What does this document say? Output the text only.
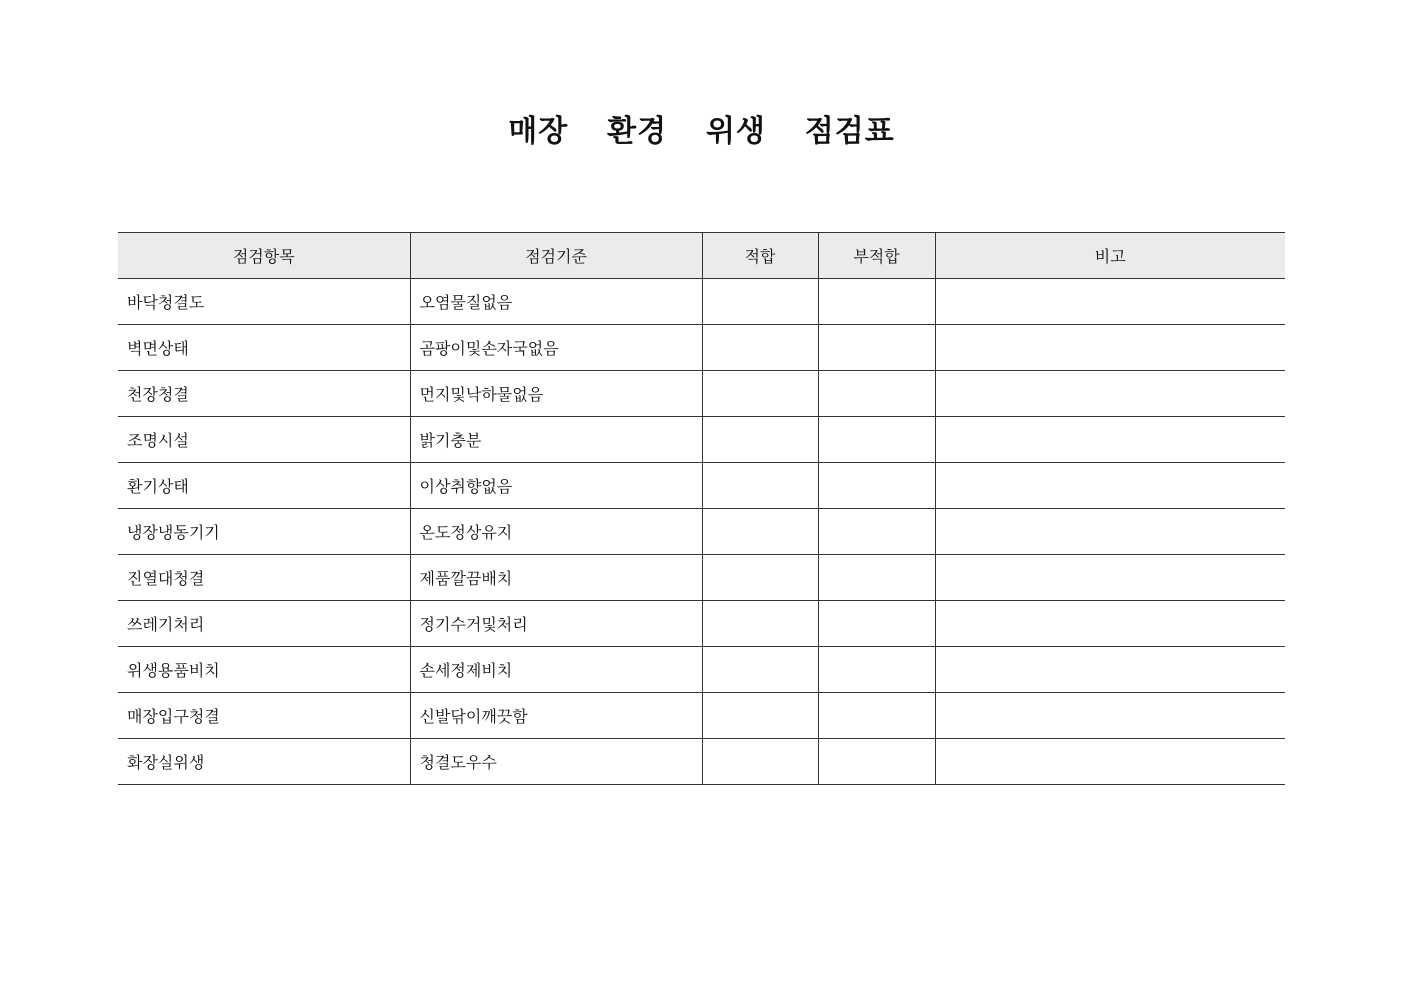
매장  환경  위생  점검표
점검항목	점검기준	적합	부적합	비고
바닥청결도	오염물질없음			
벽면상태	곰팡이및손자국없음			
천장청결	먼지및낙하물없음			
조명시설	밝기충분			
환기상태	이상취향없음			
냉장냉동기기	온도정상유지			
진열대청결	제품깔끔배치			
쓰레기처리	정기수거및처리			
위생용품비치	손세정제비치			
매장입구청결	신발닦이깨끗함			
화장실위생	청결도우수			
